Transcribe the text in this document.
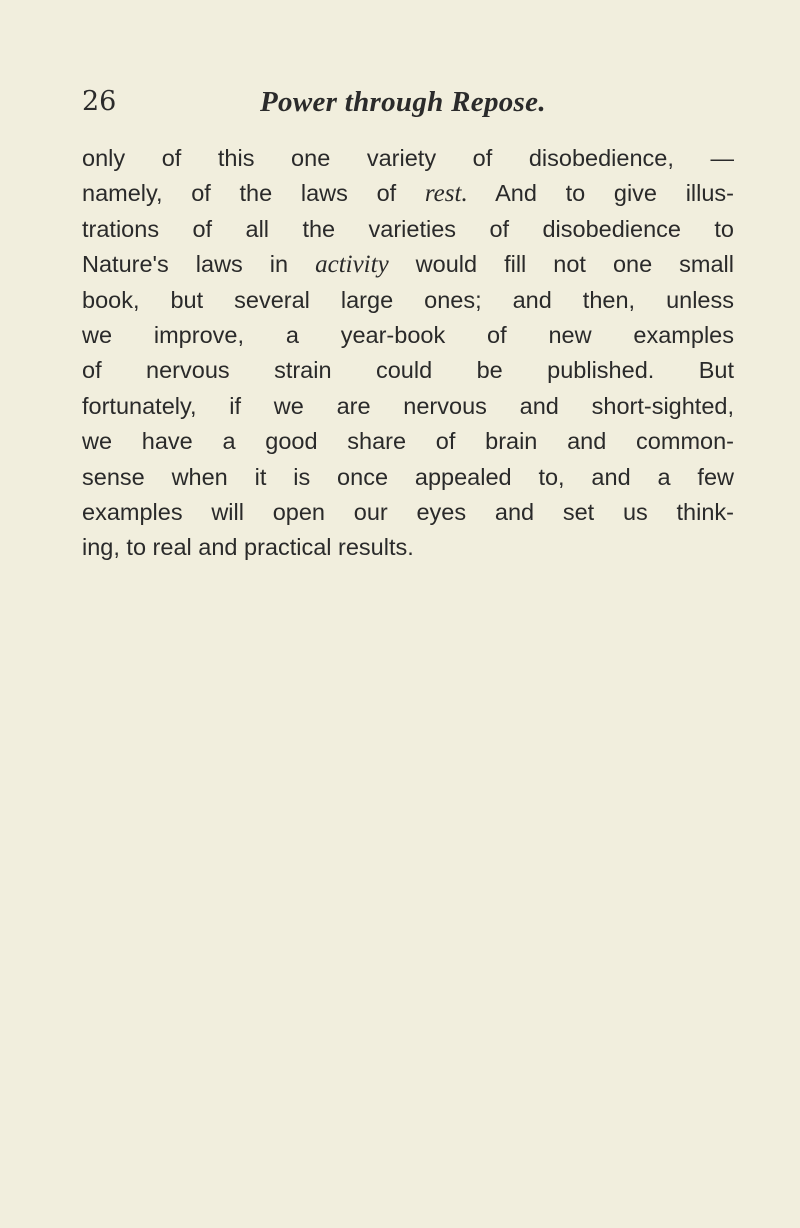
26	Power through Repose.
only of this one variety of disobedience, —
namely, of the laws of rest. And to give illus-
trations of all the varieties of disobedience to
Nature's laws in activity would fill not one small
book, but several large ones; and then, unless
we improve, a year-book of new examples
of nervous strain could be published. But
fortunately, if we are nervous and short-sighted,
we have a good share of brain and common-
sense when it is once appealed to, and a few
examples will open our eyes and set us think-
ing, to real and practical results.
